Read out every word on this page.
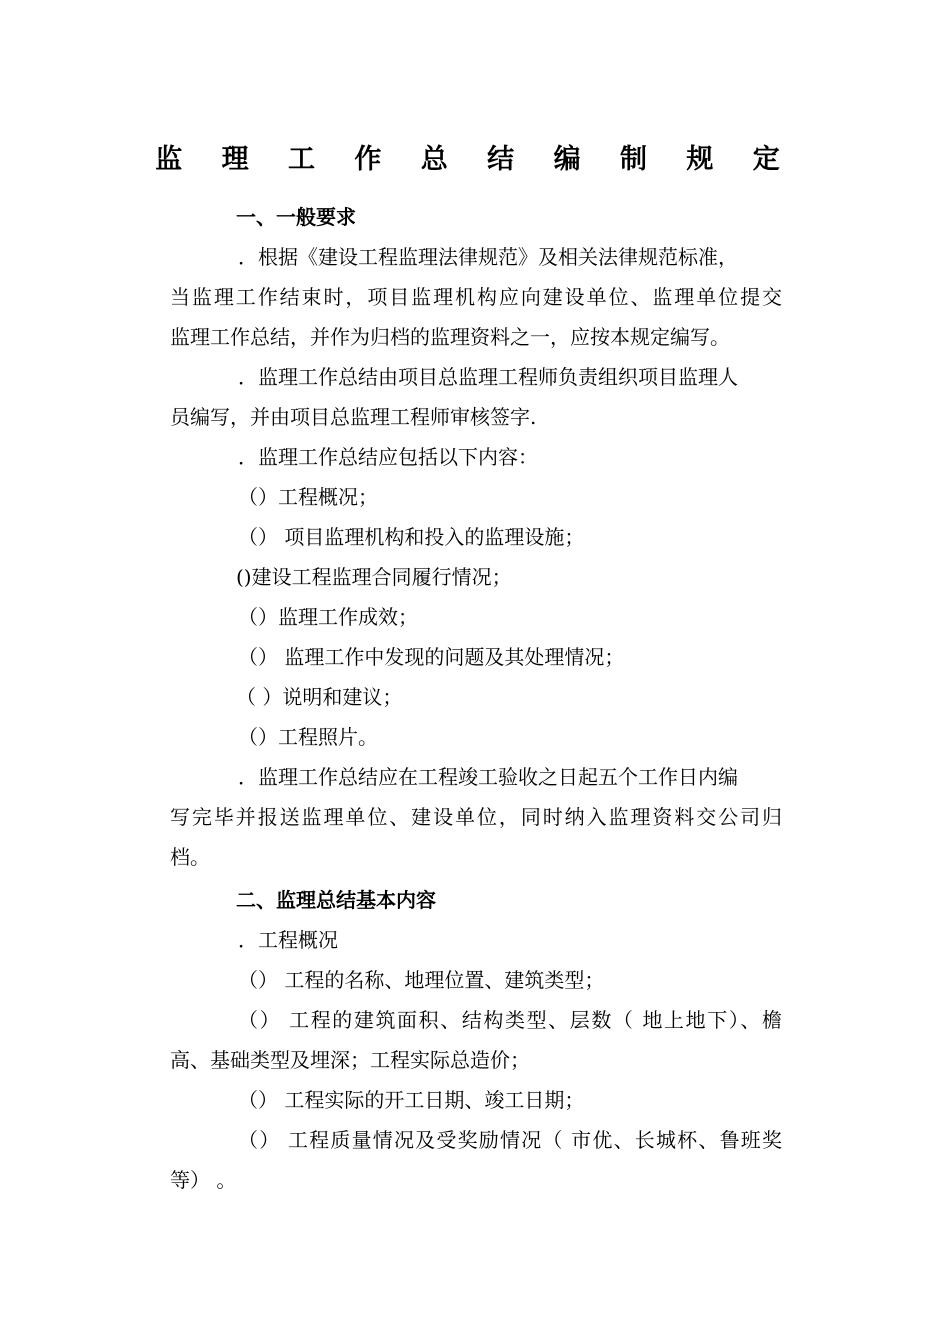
监 理 工 作 总 结 编 制 规 定
一、一般要求
．根据《建设工程监理法律规范》及相关法律规范标准，
当监理工作结束时，项目监理机构应向建设单位、监理单位提交
监理工作总结，并作为归档的监理资料之一，应按本规定编写。
．监理工作总结由项目总监理工程师负责组织项目监理人
员编写，并由项目总监理工程师审核签字.
．监理工作总结应包括以下内容：
（）工程概况；
（） 项目监理机构和投入的监理设施；
()建设工程监理合同履行情况；
（）监理工作成效；
（） 监理工作中发现的问题及其处理情况；
（ ）说明和建议；
（）工程照片。
．监理工作总结应在工程竣工验收之日起五个工作日内编
写完毕并报送监理单位、建设单位，同时纳入监理资料交公司归
档。
二、监理总结基本内容
．工程概况
（） 工程的名称、地理位置、建筑类型；
（） 工程的建筑面积、结构类型、层数（ 地上地下）、檐
高、基础类型及埋深；工程实际总造价；
（） 工程实际的开工日期、竣工日期；
（） 工程质量情况及受奖励情况（ 市优、长城杯、鲁班奖
等） 。
